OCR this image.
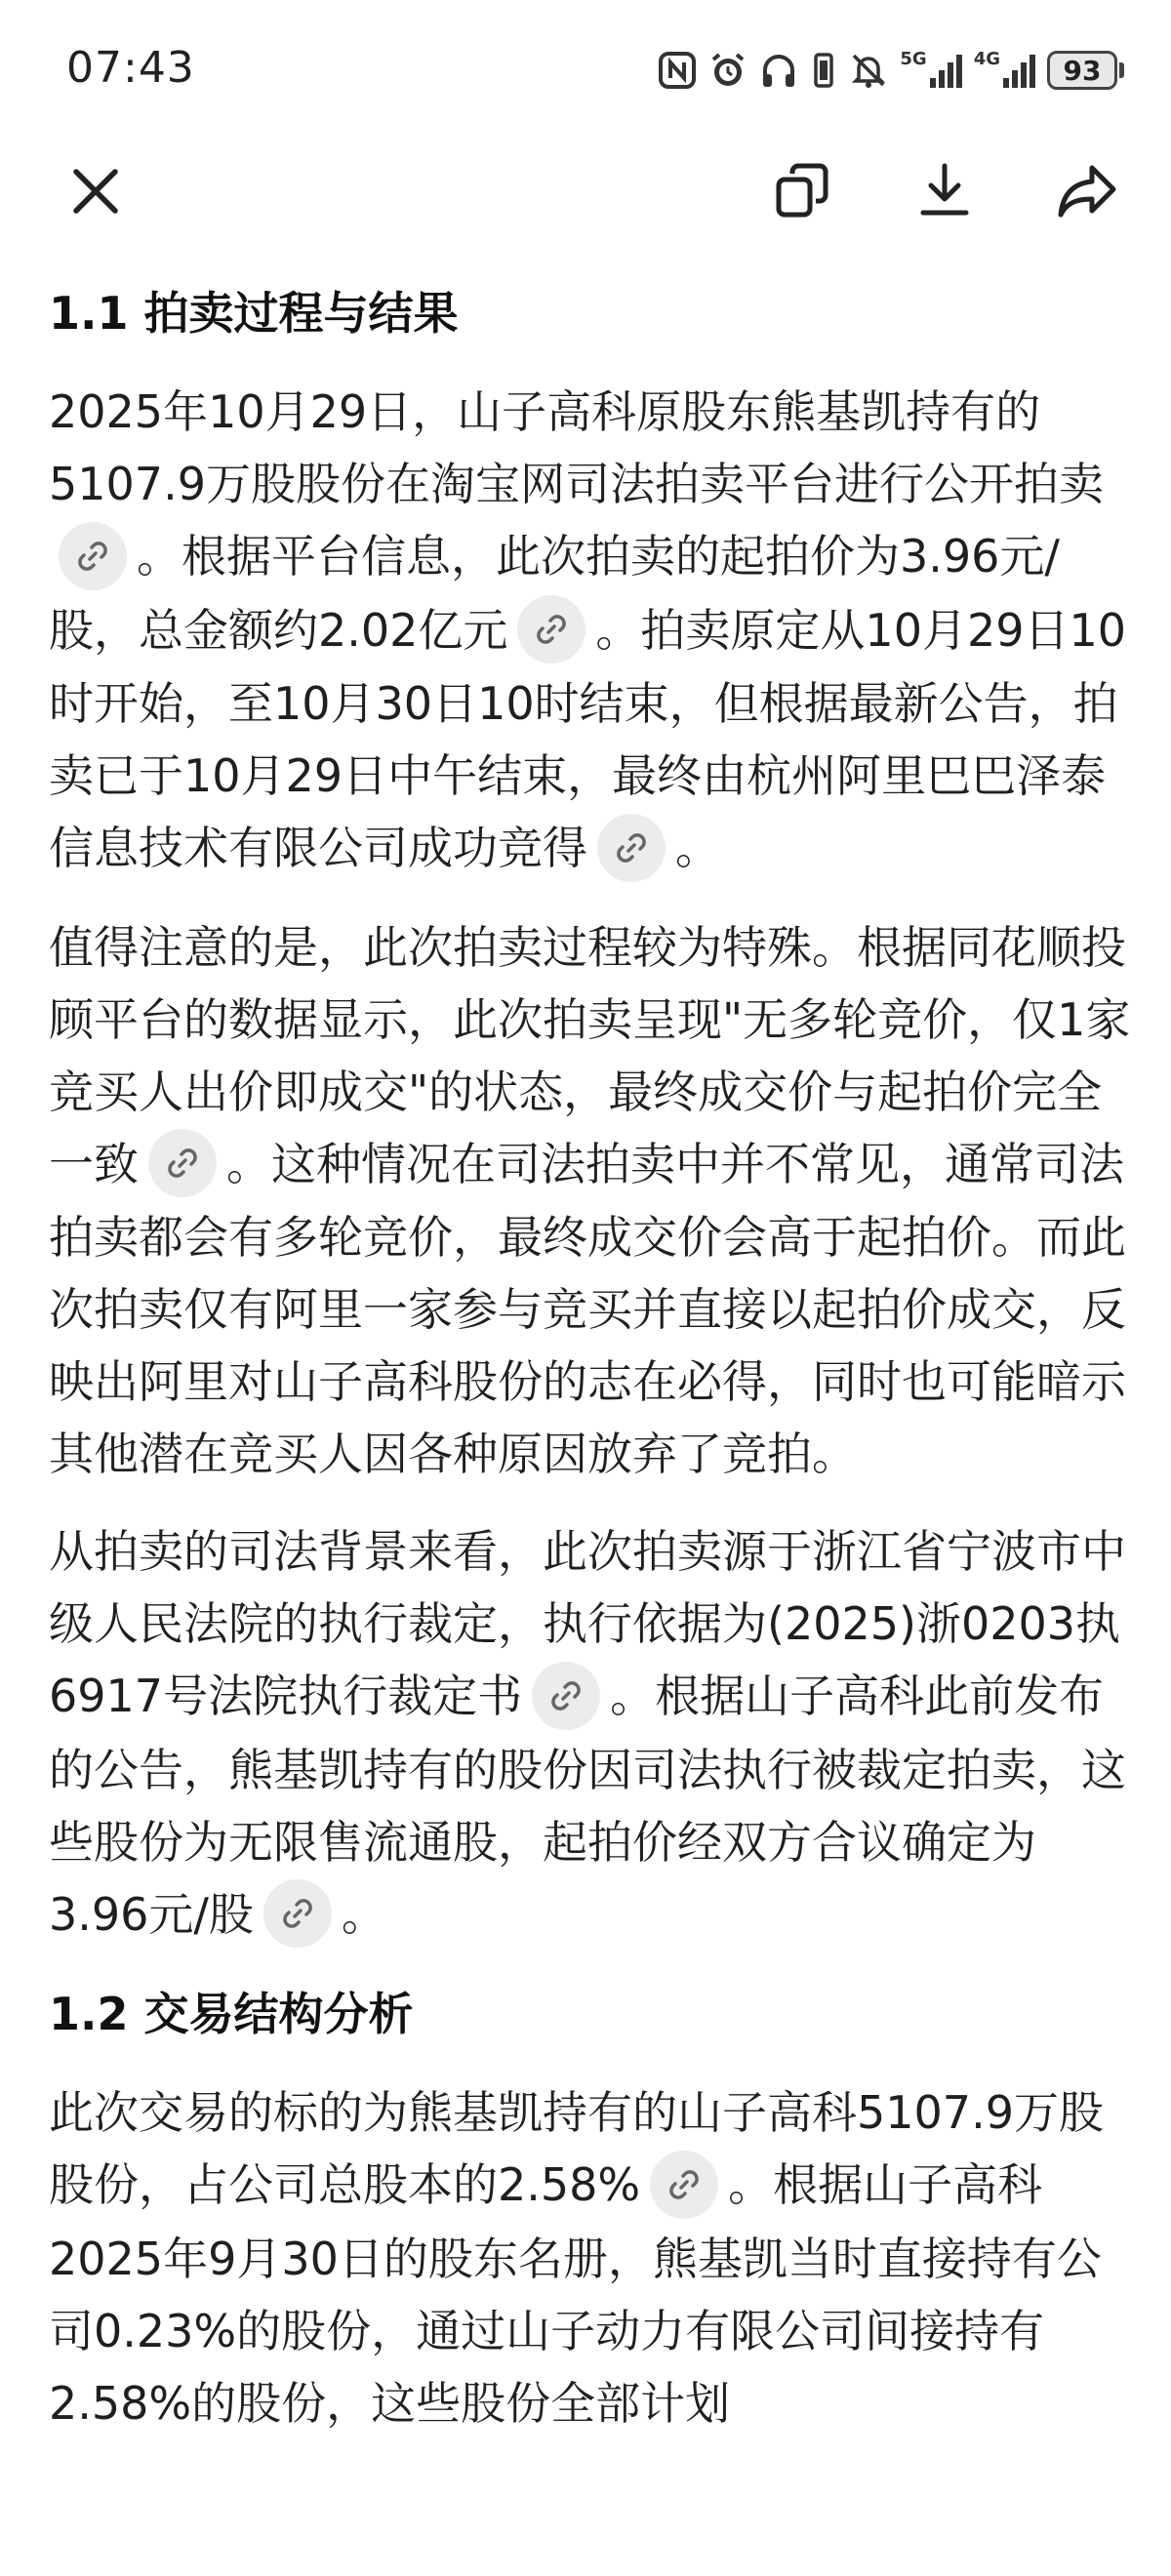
07:43	5G	4G	93
1.1 拍卖过程与结果

2025年10月29日，山子高科原股东熊基凯持有的5107.9万股股份在淘宝网司法拍卖平台进行公开拍卖
。根据平台信息，此次拍卖的起拍价为3.96元/股，总金额约2.02亿元 。拍卖原定从10月29日10时开始，至10月30日10时结束，但根据最新公告，拍卖已于10月29日中午结束，最终由杭州阿里巴巴泽泰信息技术有限公司成功竞得 。

值得注意的是，此次拍卖过程较为特殊。根据同花顺投顾平台的数据显示，此次拍卖呈现"无多轮竞价，仅1家竞买人出价即成交"的状态，最终成交价与起拍价完全一致 。这种情况在司法拍卖中并不常见，通常司法拍卖都会有多轮竞价，最终成交价会高于起拍价。而此次拍卖仅有阿里一家参与竞买并直接以起拍价成交，反映出阿里对山子高科股份的志在必得，同时也可能暗示其他潜在竞买人因各种原因放弃了竞拍。

从拍卖的司法背景来看，此次拍卖源于浙江省宁波市中级人民法院的执行裁定，执行依据为(2025)浙0203执6917号法院执行裁定书 。根据山子高科此前发布的公告，熊基凯持有的股份因司法执行被裁定拍卖，这些股份为无限售流通股，起拍价经双方合议确定为3.96元/股 。

1.2 交易结构分析

此次交易的标的为熊基凯持有的山子高科5107.9万股股份，占公司总股本的2.58% 。根据山子高科2025年9月30日的股东名册，熊基凯当时直接持有公司0.23%的股份，通过山子动力有限公司间接持有2.58%的股份，这些股份全部计划
